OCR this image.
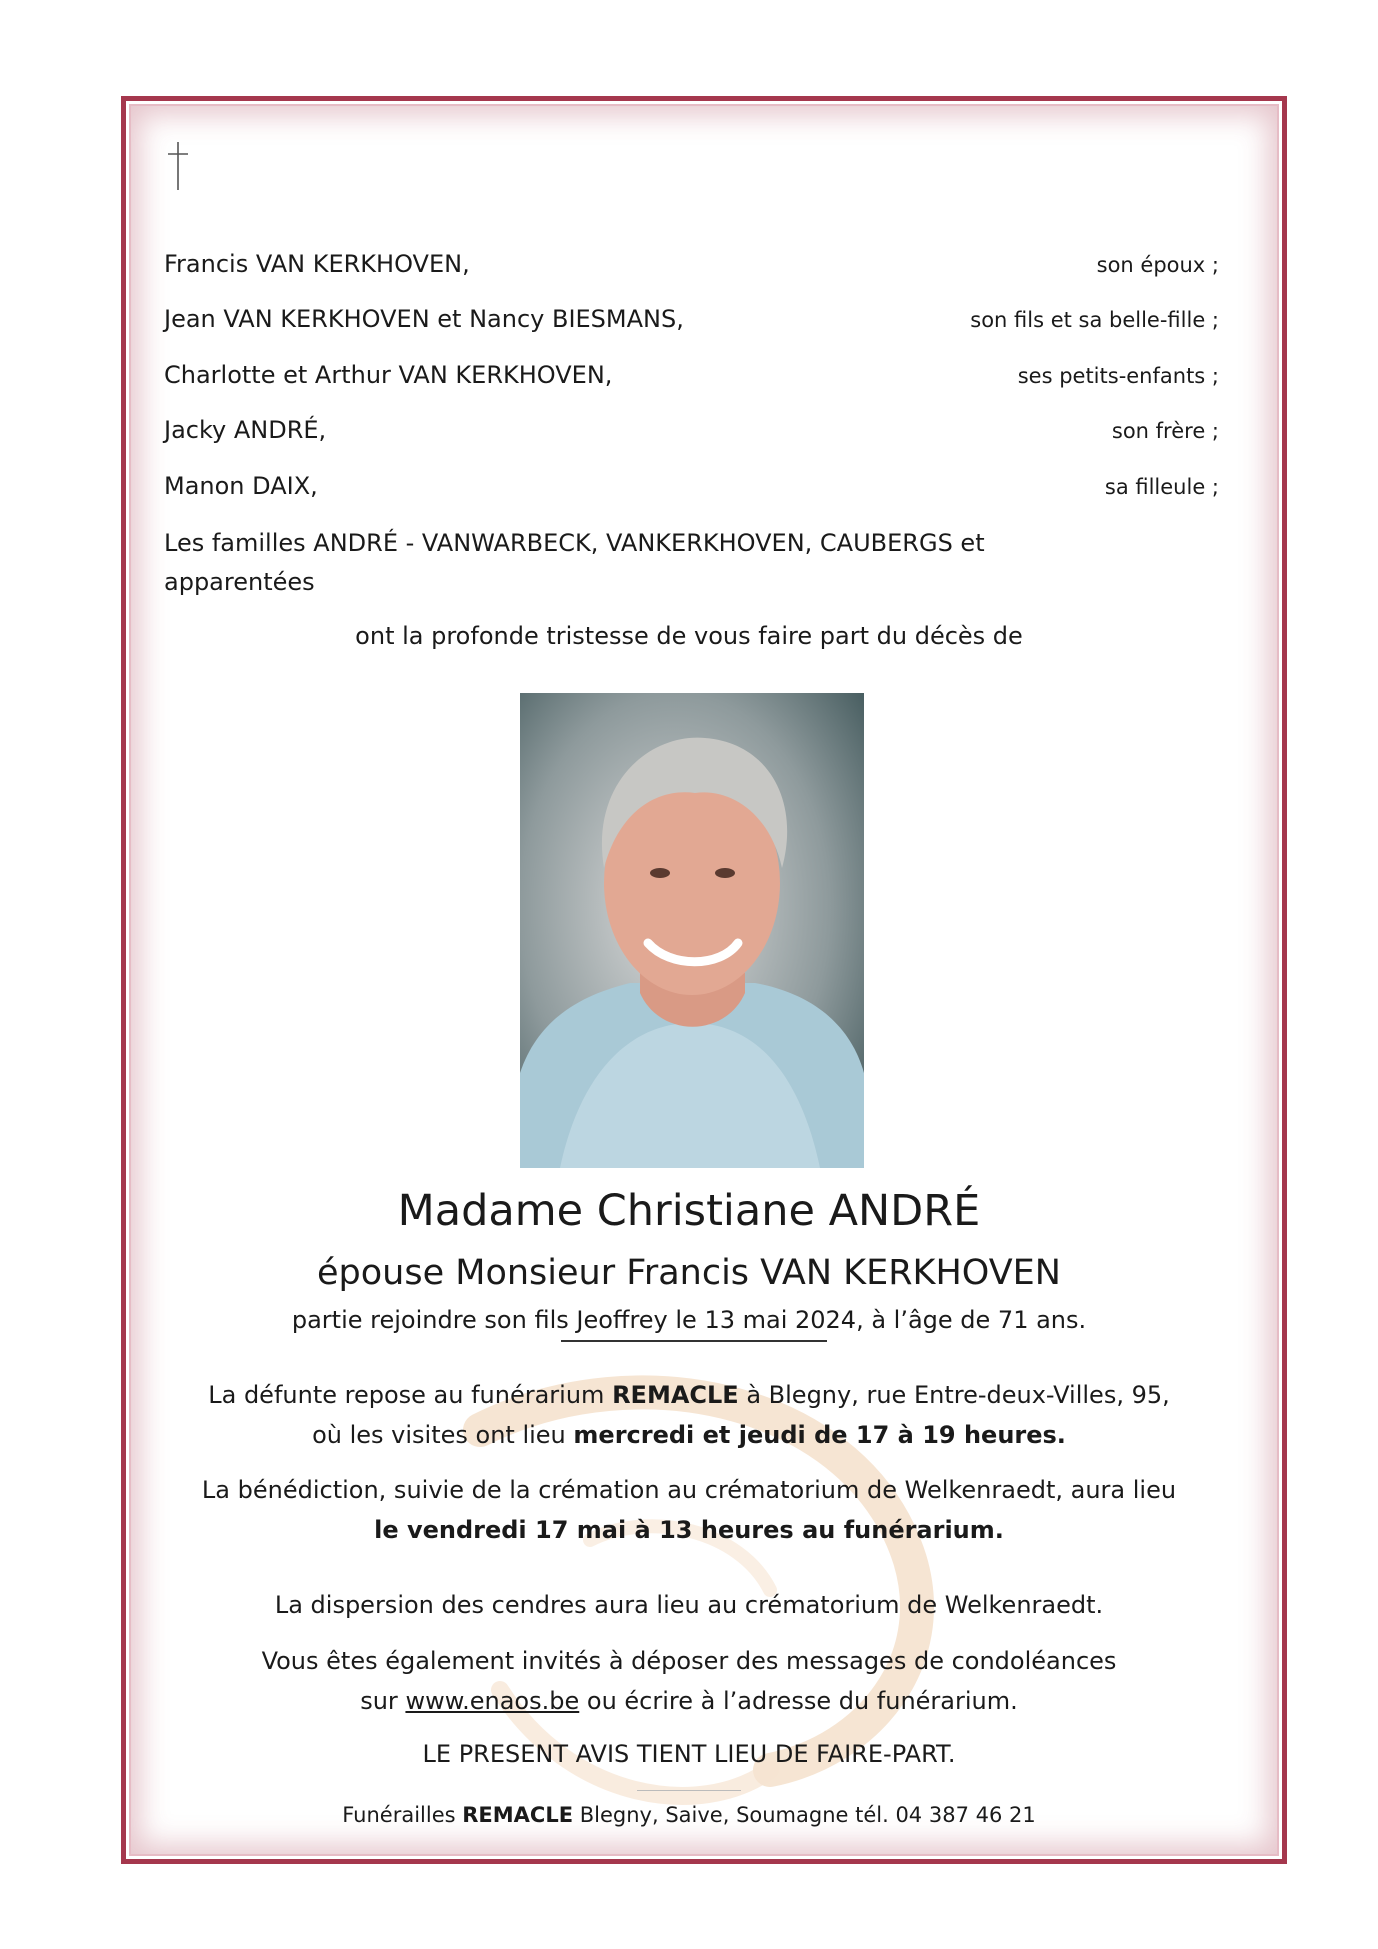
Francis VAN KERKHOVEN,	son époux ;
Jean VAN KERKHOVEN et Nancy BIESMANS,	son fils et sa belle-fille ;
Charlotte et Arthur VAN KERKHOVEN,	ses petits-enfants ;
Jacky ANDRÉ,	son frère ;
Manon DAIX,	sa filleule ;
Les familles ANDRÉ - VANWARBECK, VANKERKHOVEN, CAUBERGS et apparentées
ont la profonde tristesse de vous faire part du décès de
Madame Christiane ANDRÉ
épouse Monsieur Francis VAN KERKHOVEN
partie rejoindre son fils Jeoffrey le 13 mai 2024, à l’âge de 71 ans.
La défunte repose au funérarium REMACLE à Blegny, rue Entre-deux-Villes, 95,
où les visites ont lieu mercredi et jeudi de 17 à 19 heures.
La bénédiction, suivie de la crémation au crématorium de Welkenraedt, aura lieu
le vendredi 17 mai à 13 heures au funérarium.
La dispersion des cendres aura lieu au crématorium de Welkenraedt.
Vous êtes également invités à déposer des messages de condoléances
sur www.enaos.be ou écrire à l’adresse du funérarium.
LE PRESENT AVIS TIENT LIEU DE FAIRE-PART.
Funérailles REMACLE Blegny, Saive, Soumagne tél. 04 387 46 21
